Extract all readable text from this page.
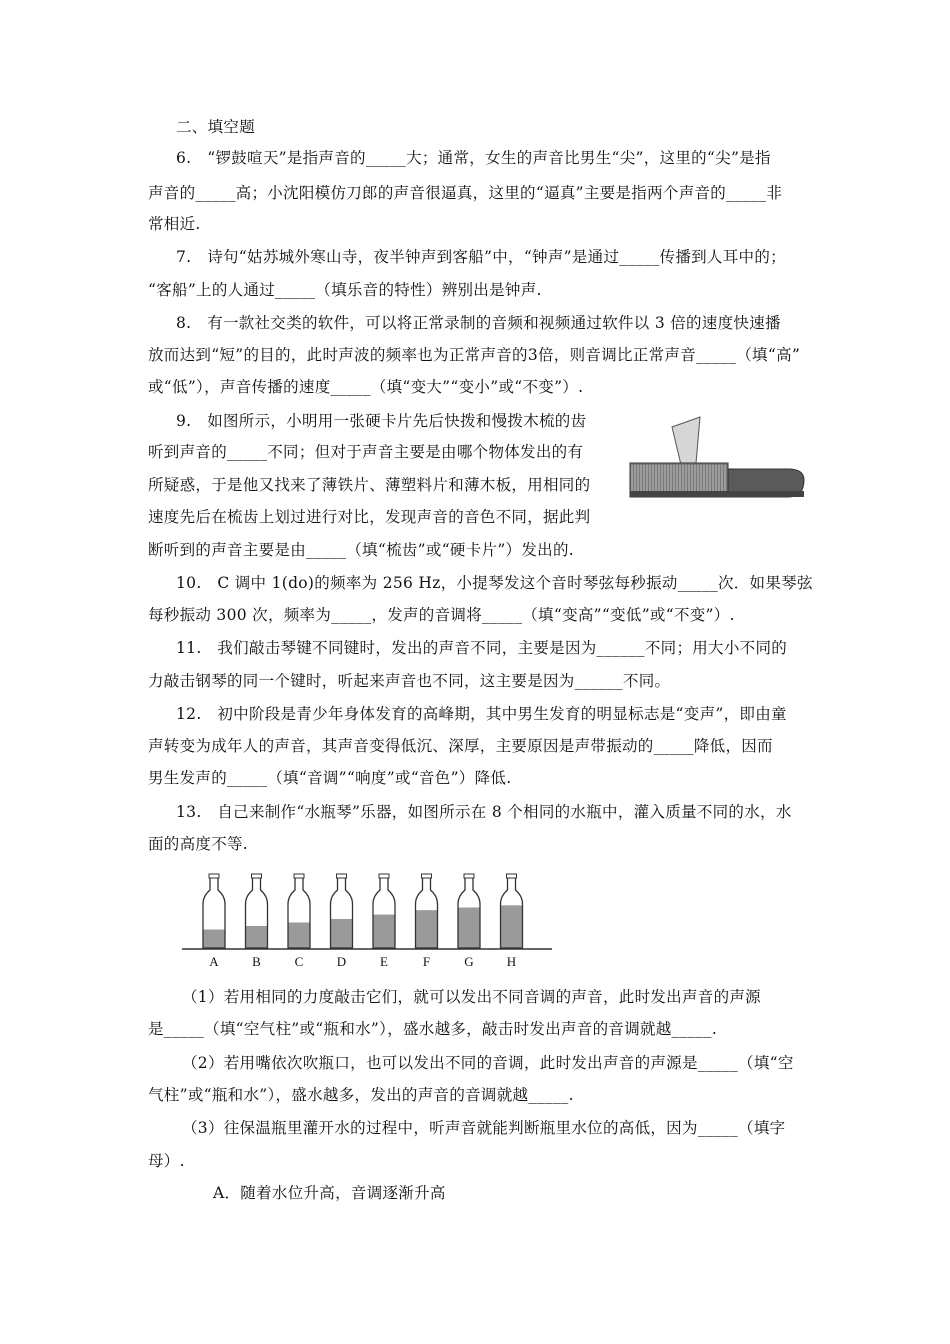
二、填空题
6.　“锣鼓喧天”是指声音的_____大；通常，女生的声音比男生“尖”，这里的“尖”是指
声音的_____高；小沈阳模仿刀郎的声音很逼真，这里的“逼真”主要是指两个声音的_____非
常相近.
7.　诗句“姑苏城外寒山寺，夜半钟声到客船”中，“钟声”是通过_____传播到人耳中的；
“客船”上的人通过_____（填乐音的特性）辨别出是钟声.
8.　有一款社交类的软件，可以将正常录制的音频和视频通过软件以 3 倍的速度快速播
放而达到“短”的目的，此时声波的频率也为正常声音的3倍，则音调比正常声音_____（填“高”
或“低”），声音传播的速度_____（填“变大”“变小”或“不变”）.
9.　如图所示，小明用一张硬卡片先后快拨和慢拨木梳的齿
听到声音的_____不同；但对于声音主要是由哪个物体发出的有
所疑惑，于是他又找来了薄铁片、薄塑料片和薄木板，用相同的
速度先后在梳齿上划过进行对比，发现声音的音色不同，据此判
断听到的声音主要是由_____（填“梳齿”或“硬卡片”）发出的.
10.　C 调中 1(do)的频率为 256 Hz，小提琴发这个音时琴弦每秒振动_____次．如果琴弦
每秒振动 300 次，频率为_____，发声的音调将_____（填“变高”“变低”或“不变”）.
11.　我们敲击琴键不同键时，发出的声音不同，主要是因为______不同；用大小不同的
力敲击钢琴的同一个键时，听起来声音也不同，这主要是因为______不同。
12.　初中阶段是青少年身体发育的高峰期，其中男生发育的明显标志是“变声”，即由童
声转变为成年人的声音，其声音变得低沉、深厚，主要原因是声带振动的_____降低，因而
男生发声的_____（填“音调”“响度”或“音色”）降低.
13.　自己来制作“水瓶琴”乐器，如图所示在 8 个相同的水瓶中，灌入质量不同的水，水
面的高度不等.
A	B	C	D	E	F	G	H
（1）若用相同的力度敲击它们，就可以发出不同音调的声音，此时发出声音的声源
是_____（填“空气柱”或“瓶和水”），盛水越多，敲击时发出声音的音调就越_____.
（2）若用嘴依次吹瓶口，也可以发出不同的音调，此时发出声音的声源是_____（填“空
气柱”或“瓶和水”），盛水越多，发出的声音的音调就越_____.
（3）往保温瓶里灌开水的过程中，听声音就能判断瓶里水位的高低，因为_____（填字
母）.
A．随着水位升高，音调逐渐升高
